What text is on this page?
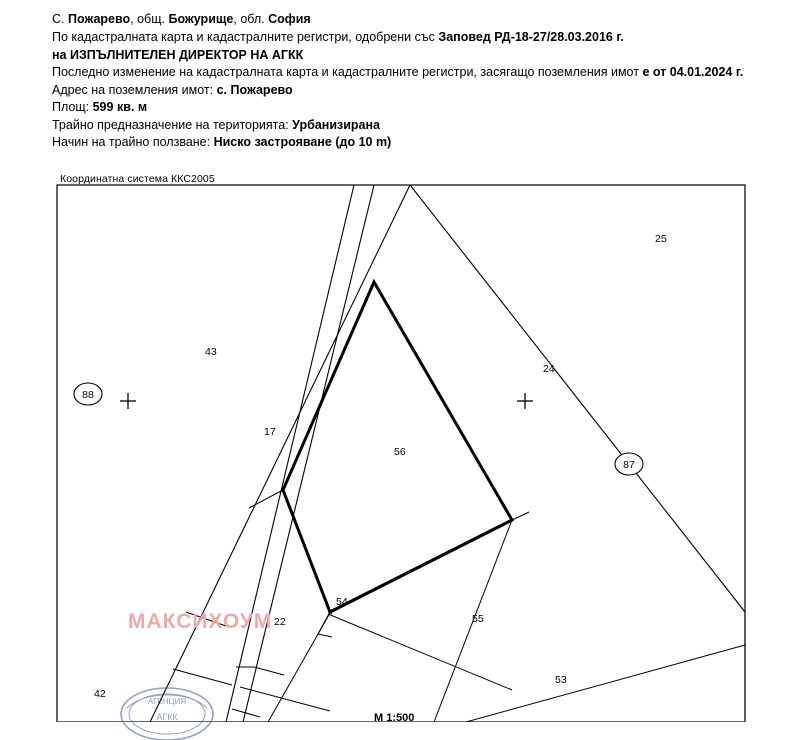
С. Пожарево, общ. Божурище, обл. София
По кадастралната карта и кадастралните регистри, одобрени със Заповед РД-18-27/28.03.2016 г.
на ИЗПЪЛНИТЕЛЕН ДИРЕКТОР НА АГКК
Последно изменение на кадастралната карта и кадастралните регистри, засягащо поземления имот е от 04.01.2024 г.
Адрес на поземления имот: с. Пожарево
Площ: 599 кв. м
Трайно предназначение на територията: Урбанизирана
Начин на трайно ползване: Ниско застрояване (до 10 m)
Координатна система ККС2005
88
87
25
43
24
17
56
54
22	55
53
42
МАКСИХОУМ
АГЕНЦИЯ
АГКК	М 1:500
